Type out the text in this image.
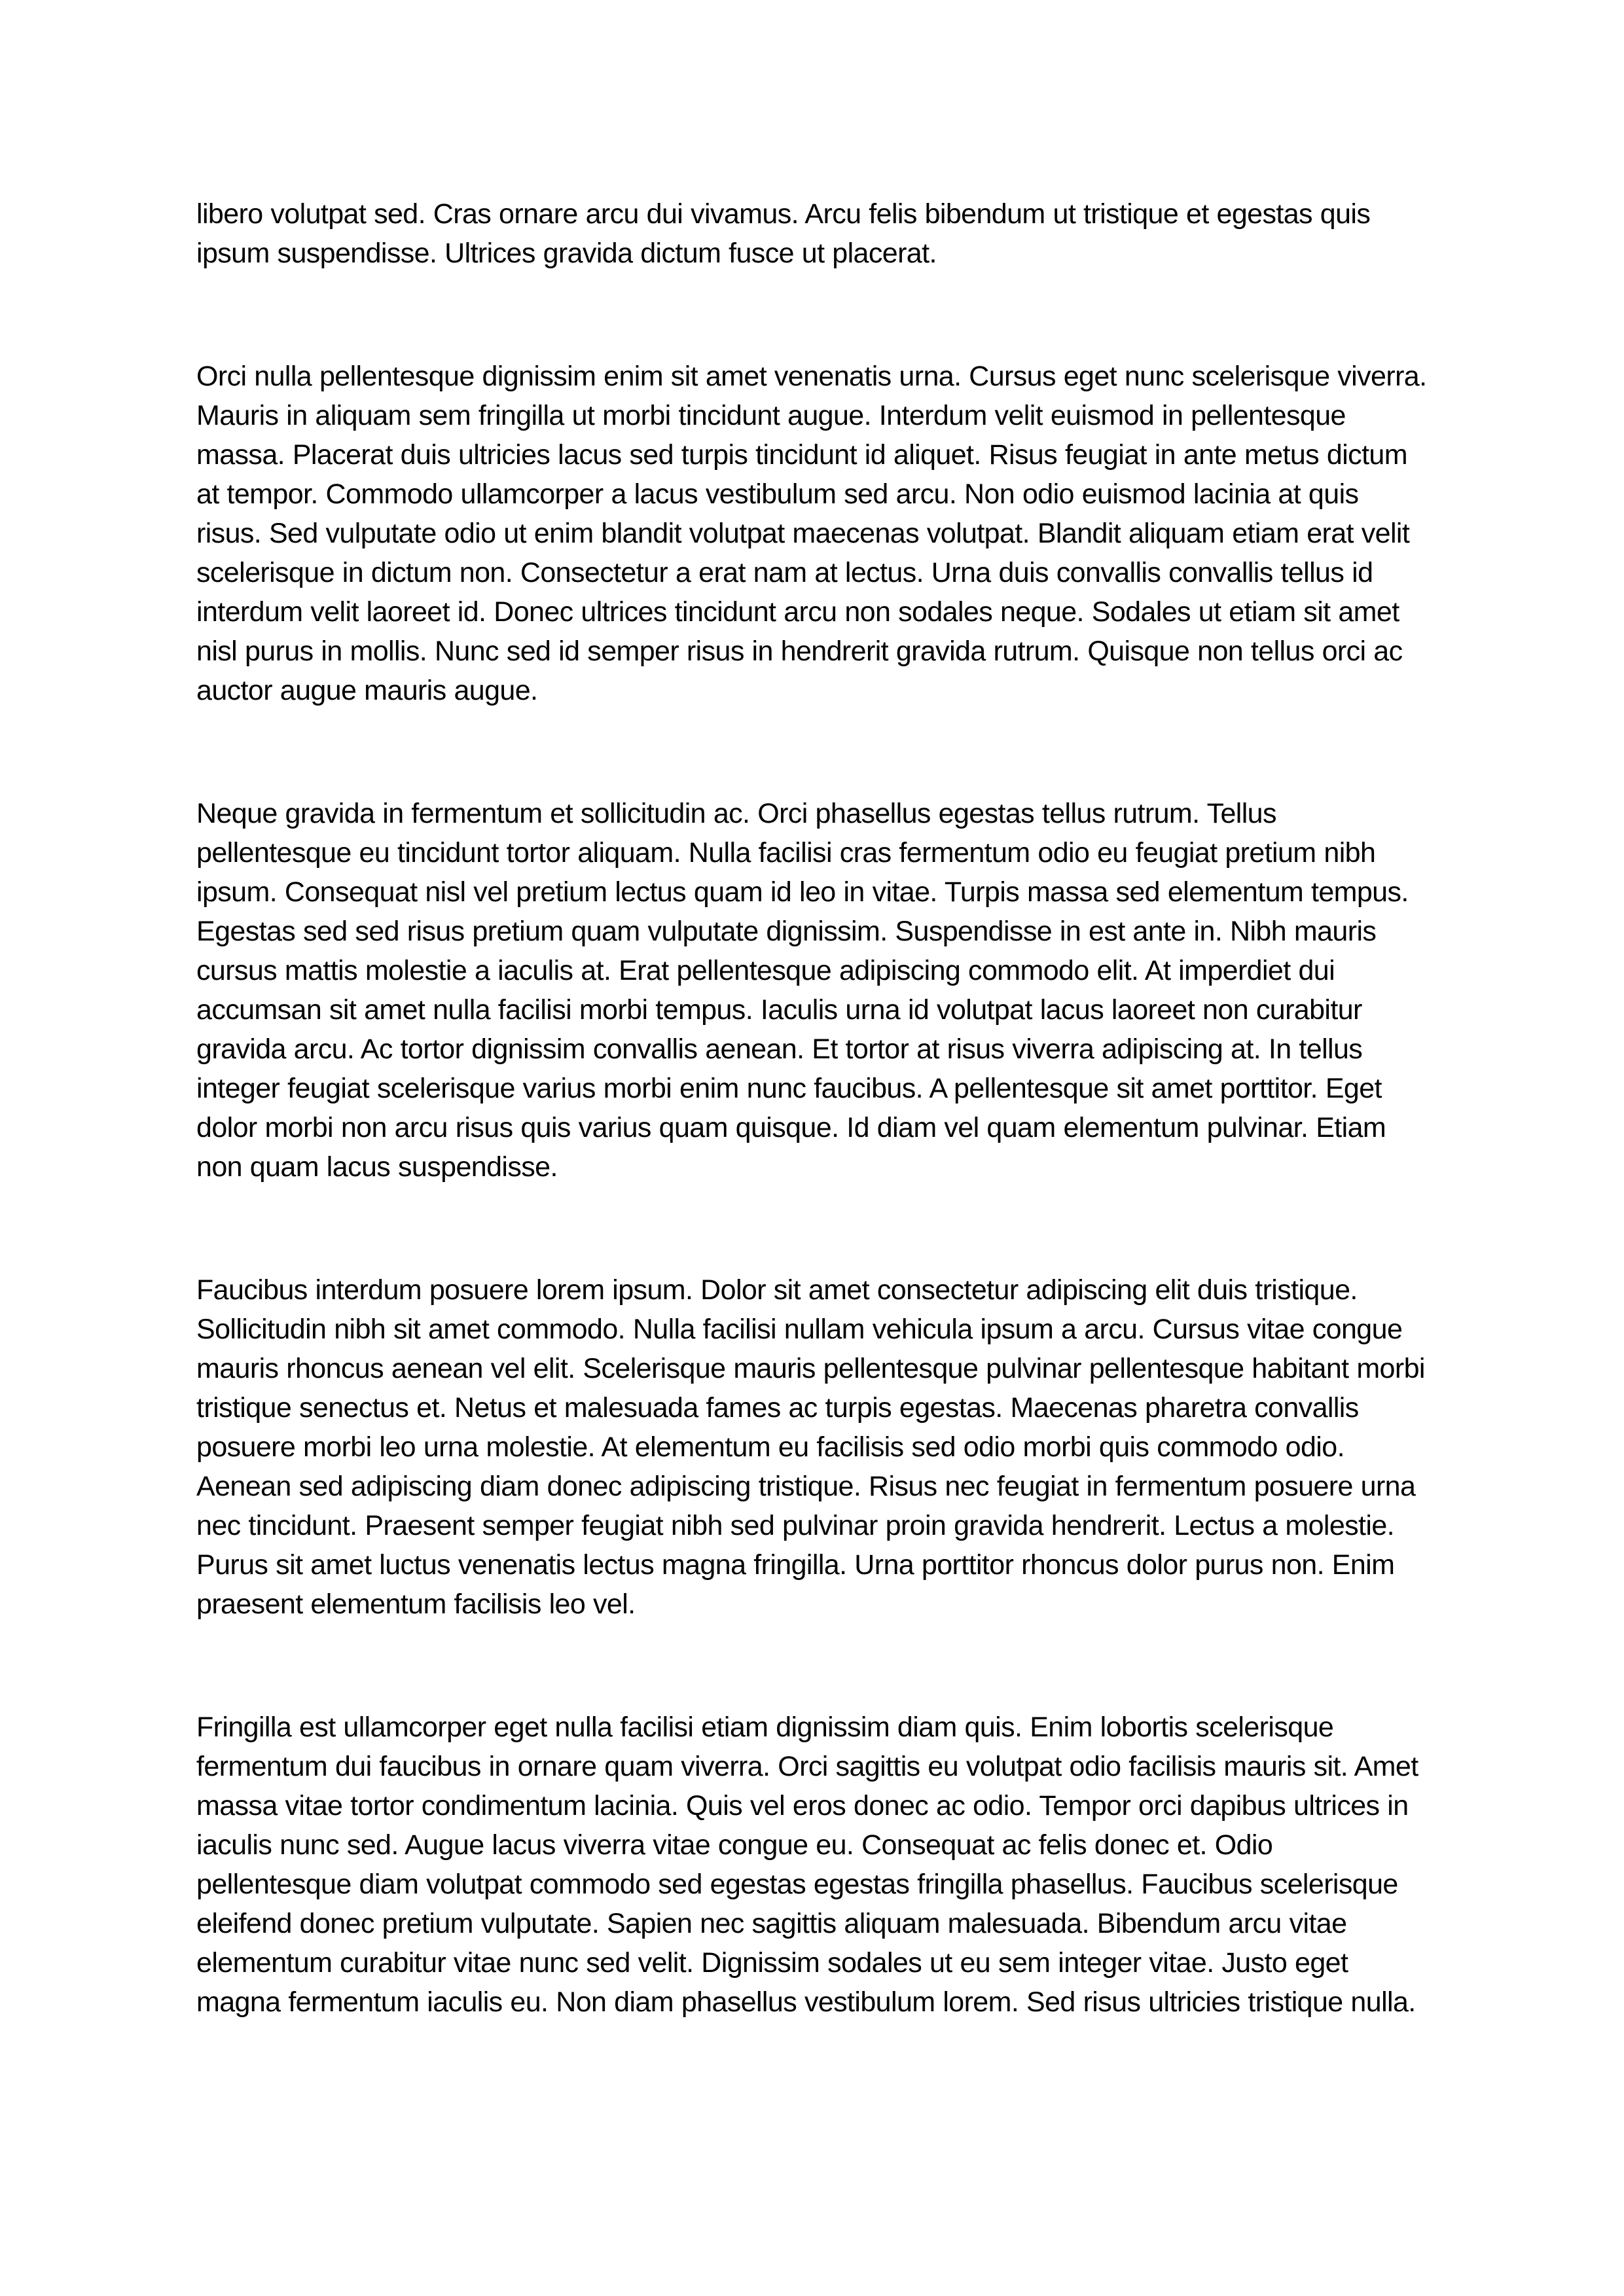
libero volutpat sed. Cras ornare arcu dui vivamus. Arcu felis bibendum ut tristique et egestas quis ipsum suspendisse. Ultrices gravida dictum fusce ut placerat.

Orci nulla pellentesque dignissim enim sit amet venenatis urna. Cursus eget nunc scelerisque viverra. Mauris in aliquam sem fringilla ut morbi tincidunt augue. Interdum velit euismod in pellentesque massa. Placerat duis ultricies lacus sed turpis tincidunt id aliquet. Risus feugiat in ante metus dictum at tempor. Commodo ullamcorper a lacus vestibulum sed arcu. Non odio euismod lacinia at quis risus. Sed vulputate odio ut enim blandit volutpat maecenas volutpat. Blandit aliquam etiam erat velit scelerisque in dictum non. Consectetur a erat nam at lectus. Urna duis convallis convallis tellus id interdum velit laoreet id. Donec ultrices tincidunt arcu non sodales neque. Sodales ut etiam sit amet nisl purus in mollis. Nunc sed id semper risus in hendrerit gravida rutrum. Quisque non tellus orci ac auctor augue mauris augue.

Neque gravida in fermentum et sollicitudin ac. Orci phasellus egestas tellus rutrum. Tellus pellentesque eu tincidunt tortor aliquam. Nulla facilisi cras fermentum odio eu feugiat pretium nibh ipsum. Consequat nisl vel pretium lectus quam id leo in vitae. Turpis massa sed elementum tempus. Egestas sed sed risus pretium quam vulputate dignissim. Suspendisse in est ante in. Nibh mauris cursus mattis molestie a iaculis at. Erat pellentesque adipiscing commodo elit. At imperdiet dui accumsan sit amet nulla facilisi morbi tempus. Iaculis urna id volutpat lacus laoreet non curabitur gravida arcu. Ac tortor dignissim convallis aenean. Et tortor at risus viverra adipiscing at. In tellus integer feugiat scelerisque varius morbi enim nunc faucibus. A pellentesque sit amet porttitor. Eget dolor morbi non arcu risus quis varius quam quisque. Id diam vel quam elementum pulvinar. Etiam non quam lacus suspendisse.

Faucibus interdum posuere lorem ipsum. Dolor sit amet consectetur adipiscing elit duis tristique. Sollicitudin nibh sit amet commodo. Nulla facilisi nullam vehicula ipsum a arcu. Cursus vitae congue mauris rhoncus aenean vel elit. Scelerisque mauris pellentesque pulvinar pellentesque habitant morbi tristique senectus et. Netus et malesuada fames ac turpis egestas. Maecenas pharetra convallis posuere morbi leo urna molestie. At elementum eu facilisis sed odio morbi quis commodo odio. Aenean sed adipiscing diam donec adipiscing tristique. Risus nec feugiat in fermentum posuere urna nec tincidunt. Praesent semper feugiat nibh sed pulvinar proin gravida hendrerit. Lectus a molestie. Purus sit amet luctus venenatis lectus magna fringilla. Urna porttitor rhoncus dolor purus non. Enim praesent elementum facilisis leo vel.

Fringilla est ullamcorper eget nulla facilisi etiam dignissim diam quis. Enim lobortis scelerisque fermentum dui faucibus in ornare quam viverra. Orci sagittis eu volutpat odio facilisis mauris sit. Amet massa vitae tortor condimentum lacinia. Quis vel eros donec ac odio. Tempor orci dapibus ultrices in iaculis nunc sed. Augue lacus viverra vitae congue eu. Consequat ac felis donec et. Odio pellentesque diam volutpat commodo sed egestas egestas fringilla phasellus. Faucibus scelerisque eleifend donec pretium vulputate. Sapien nec sagittis aliquam malesuada. Bibendum arcu vitae elementum curabitur vitae nunc sed velit. Dignissim sodales ut eu sem integer vitae. Justo eget magna fermentum iaculis eu. Non diam phasellus vestibulum lorem. Sed risus ultricies tristique nulla.
